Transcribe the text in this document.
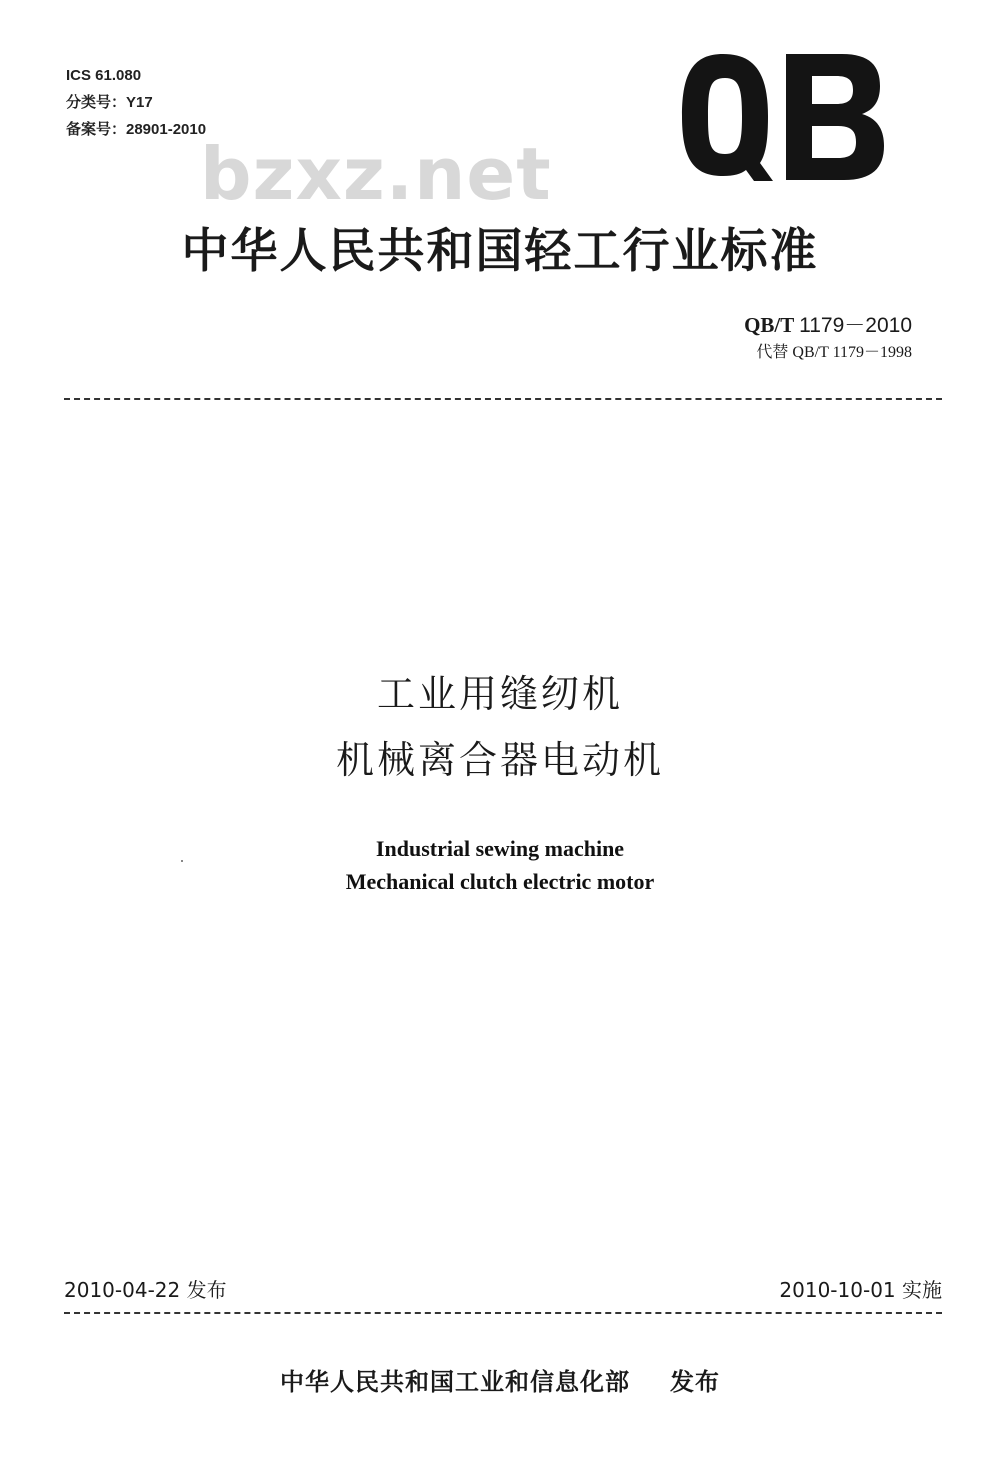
ICS 61.080
分类号：Y17
备案号：28901-2010
bzxz.net
中华人民共和国轻工行业标准
QB/T 1179－2010
代替 QB/T 1179－1998
工业用缝纫机
机械离合器电动机
Industrial sewing machine
Mechanical clutch electric motor
2010-04-22 发布	2010-10-01 实施
中华人民共和国工业和信息化部 发布
